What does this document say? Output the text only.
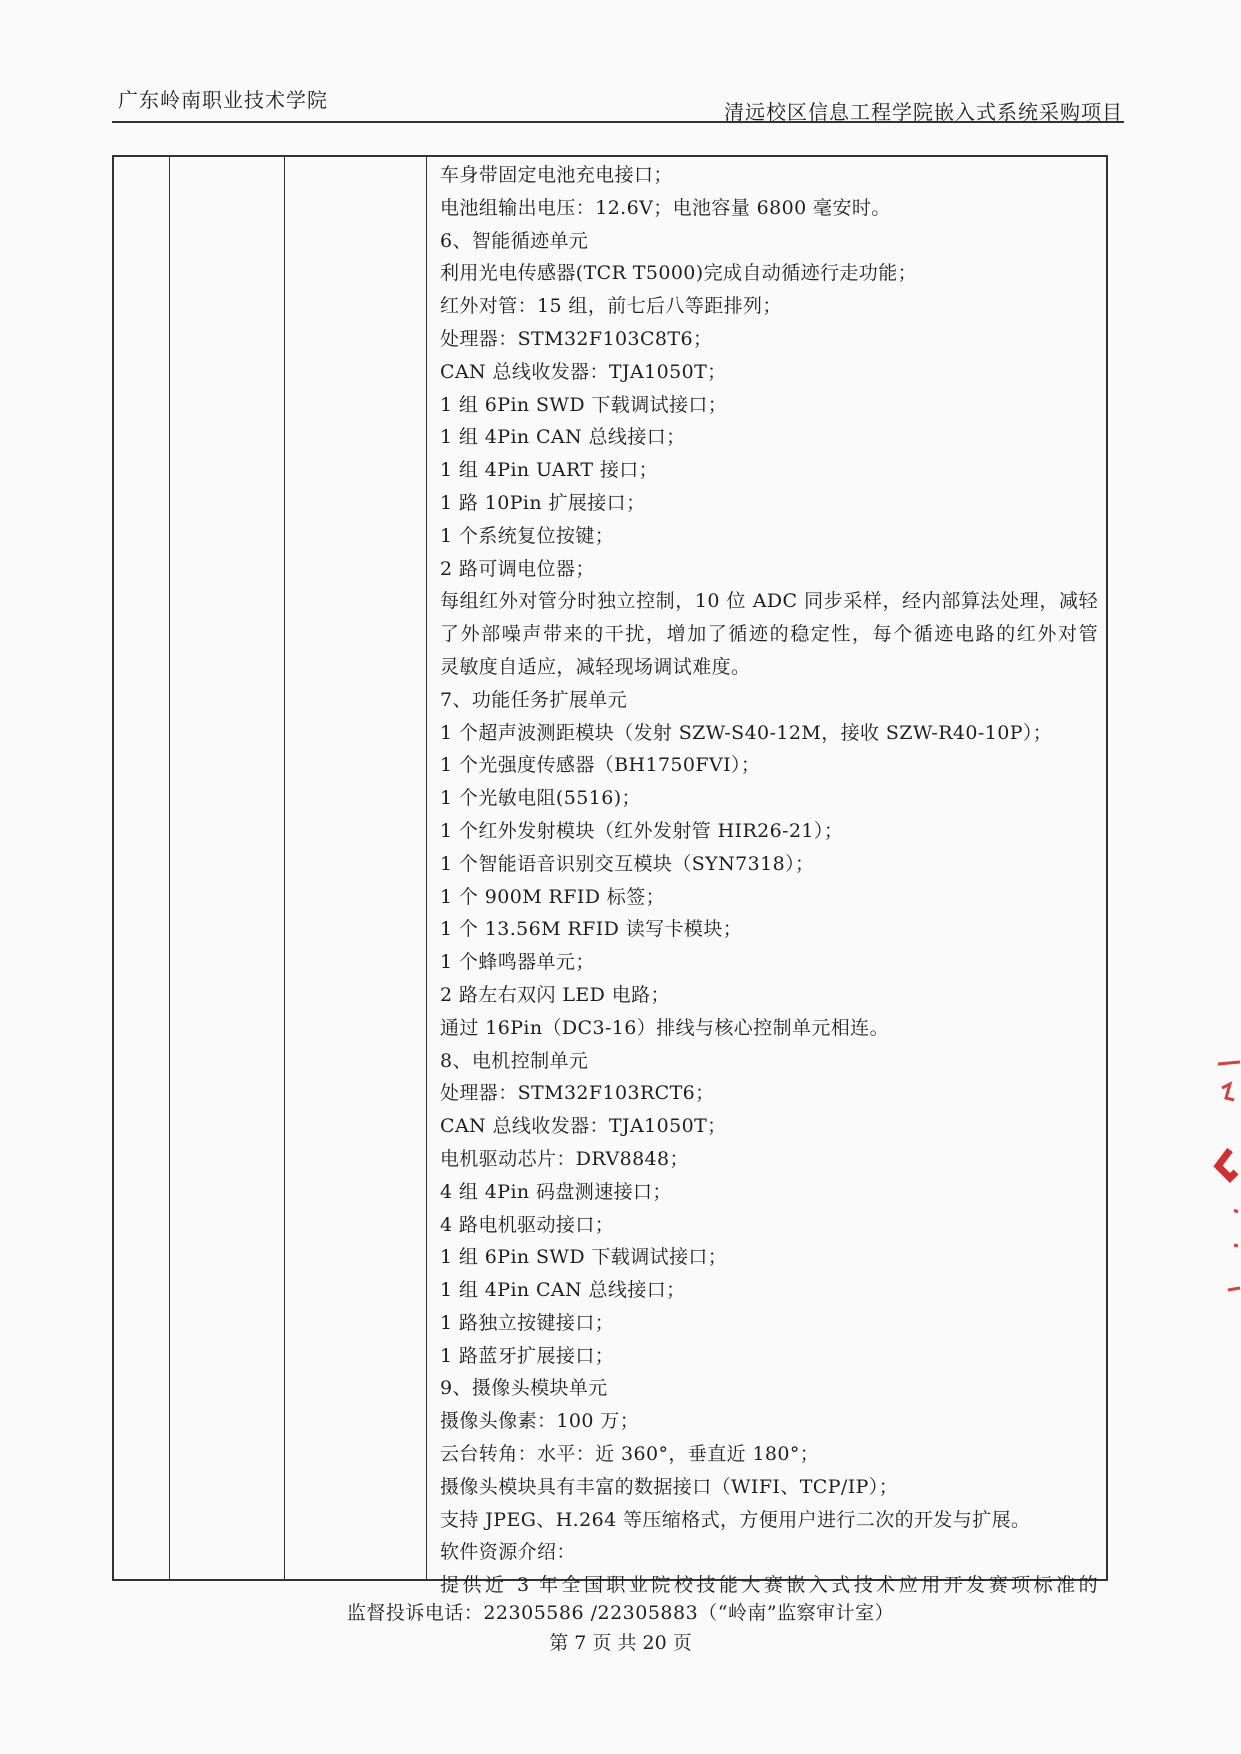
广东岭南职业技术学院	清远校区信息工程学院嵌入式系统采购项目
车身带固定电池充电接口；
电池组输出电压：12.6V；电池容量 6800 毫安时。
6、智能循迹单元
利用光电传感器(TCR T5000)完成自动循迹行走功能；
红外对管：15 组，前七后八等距排列；
处理器：STM32F103C8T6；
CAN 总线收发器：TJA1050T；
1 组 6Pin SWD 下载调试接口；
1 组 4Pin CAN 总线接口；
1 组 4Pin UART 接口；
1 路 10Pin 扩展接口；
1 个系统复位按键；
2 路可调电位器；
每组红外对管分时独立控制，10 位 ADC 同步采样，经内部算法处理，减轻
了外部噪声带来的干扰，增加了循迹的稳定性，每个循迹电路的红外对管
灵敏度自适应，减轻现场调试难度。
7、功能任务扩展单元
1 个超声波测距模块（发射 SZW-S40-12M，接收 SZW-R40-10P）；
1 个光强度传感器（BH1750FVI）；
1 个光敏电阻(5516)；
1 个红外发射模块（红外发射管 HIR26-21）；
1 个智能语音识别交互模块（SYN7318）；
1 个 900M RFID 标签；
1 个 13.56M RFID 读写卡模块；
1 个蜂鸣器单元；
2 路左右双闪 LED 电路；
通过 16Pin（DC3-16）排线与核心控制单元相连。
8、电机控制单元
处理器：STM32F103RCT6；
CAN 总线收发器：TJA1050T；
电机驱动芯片：DRV8848；
4 组 4Pin 码盘测速接口；
4 路电机驱动接口；
1 组 6Pin SWD 下载调试接口；
1 组 4Pin CAN 总线接口；
1 路独立按键接口；
1 路蓝牙扩展接口；
9、摄像头模块单元
摄像头像素：100 万；
云台转角：水平：近 360°，垂直近 180°；
摄像头模块具有丰富的数据接口（WIFI、TCP/IP）；
支持 JPEG、H.264 等压缩格式，方便用户进行二次的开发与扩展。
软件资源介绍：
提供近 3 年全国职业院校技能大赛嵌入式技术应用开发赛项标准的
监督投诉电话：22305586 /22305883（“岭南”监察审计室）
第 7 页 共 20 页
